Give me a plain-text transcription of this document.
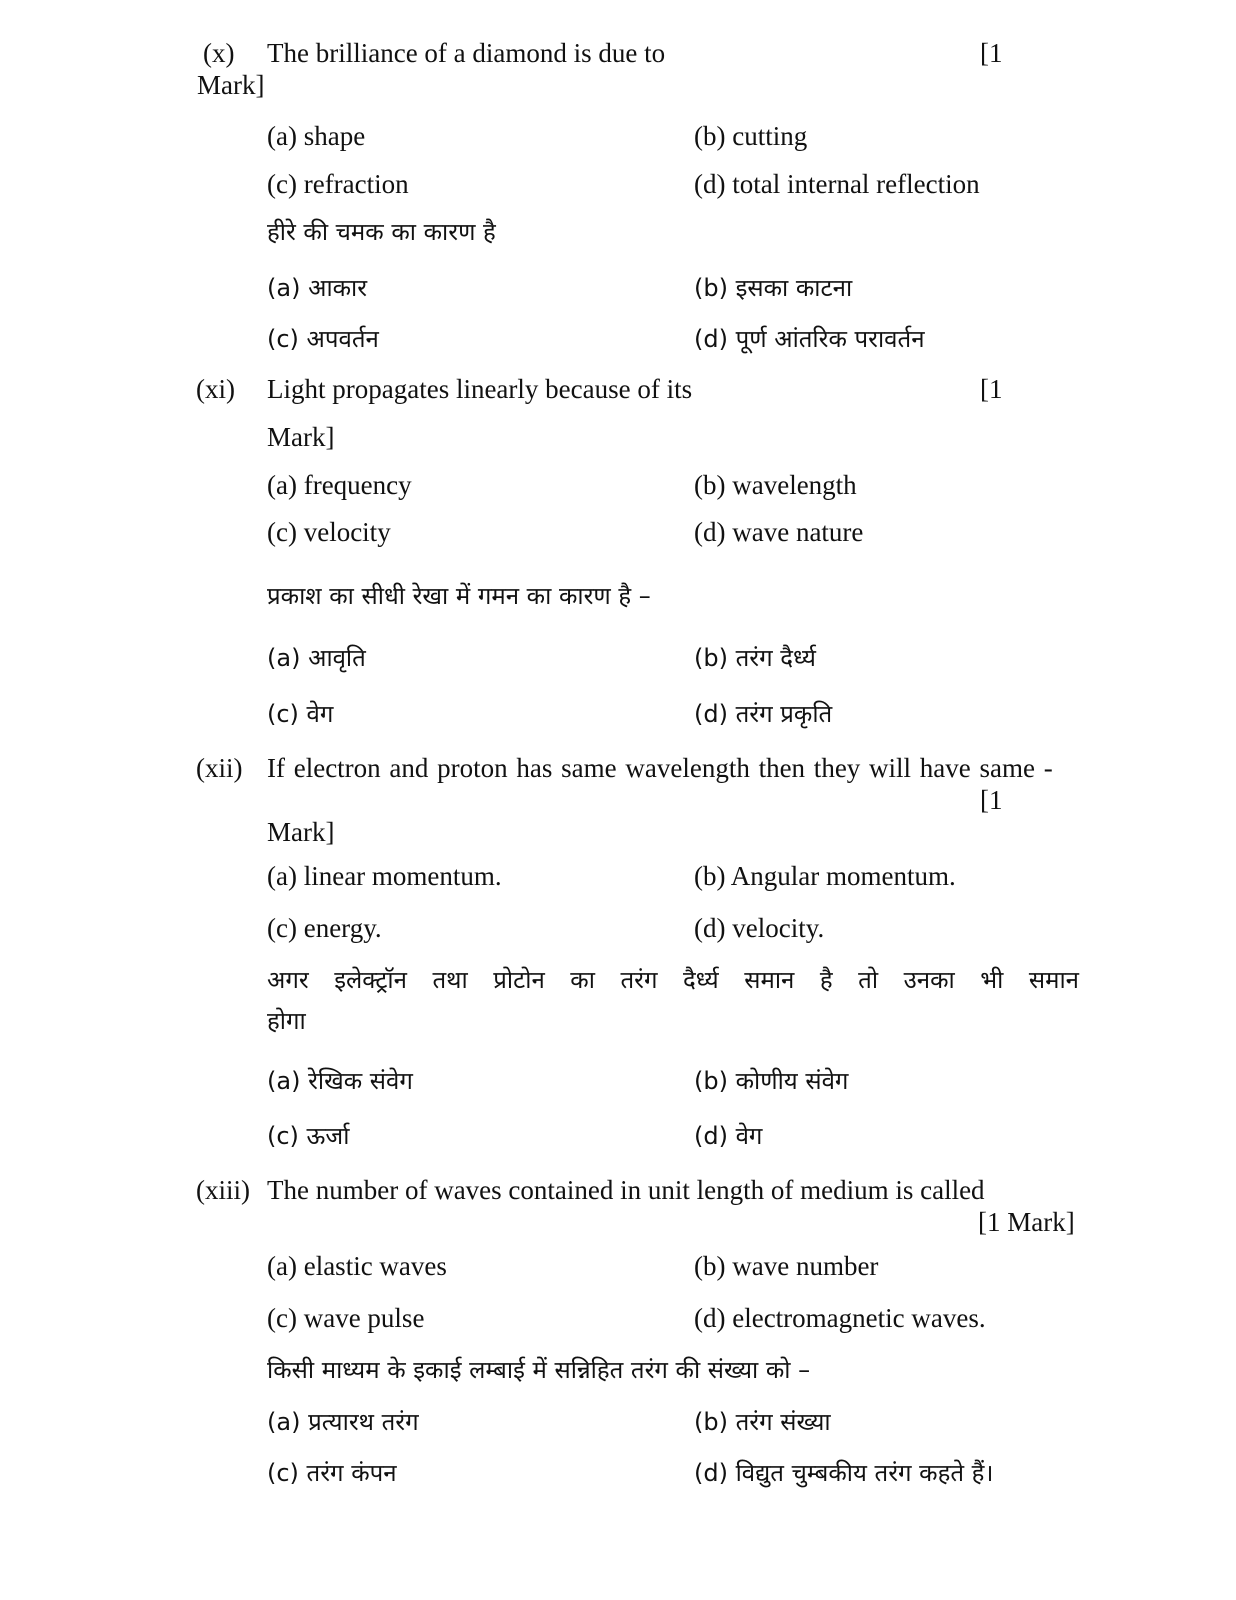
(x) The brilliance of a diamond is due to	[1
Mark]
(a) shape	(b) cutting
(c) refraction	(d) total internal reflection
हीरे की चमक का कारण है
(a) आकार	(b) इसका काटना
(c) अपवर्तन	(d) पूर्ण आंतरिक परावर्तन
(xi) Light propagates linearly because of its	[1
Mark]
(a) frequency	(b) wavelength
(c) velocity	(d) wave nature
प्रकाश का सीधी रेखा में गमन का कारण है –
(a) आवृति	(b) तरंग दैर्ध्य
(c) वेग	(d) तरंग प्रकृति
(xii) If electron and proton has same wavelength then they will have same -
[1
Mark]
(a) linear momentum.	(b) Angular momentum.
(c) energy.	(d) velocity.
अगर इलेक्ट्रॉन तथा प्रोटोन का तरंग दैर्ध्य समान है तो उनका भी समान
होगा
(a) रेखिक संवेग	(b) कोणीय संवेग
(c) ऊर्जा	(d) वेग
(xiii) The number of waves contained in unit length of medium is called
[1 Mark]
(a) elastic waves	(b) wave number
(c) wave pulse	(d) electromagnetic waves.
किसी माध्यम के इकाई लम्बाई में सन्निहित तरंग की संख्या को –
(a) प्रत्यारथ तरंग	(b) तरंग संख्या
(c) तरंग कंपन	(d) विद्युत चुम्बकीय तरंग कहते हैं।
